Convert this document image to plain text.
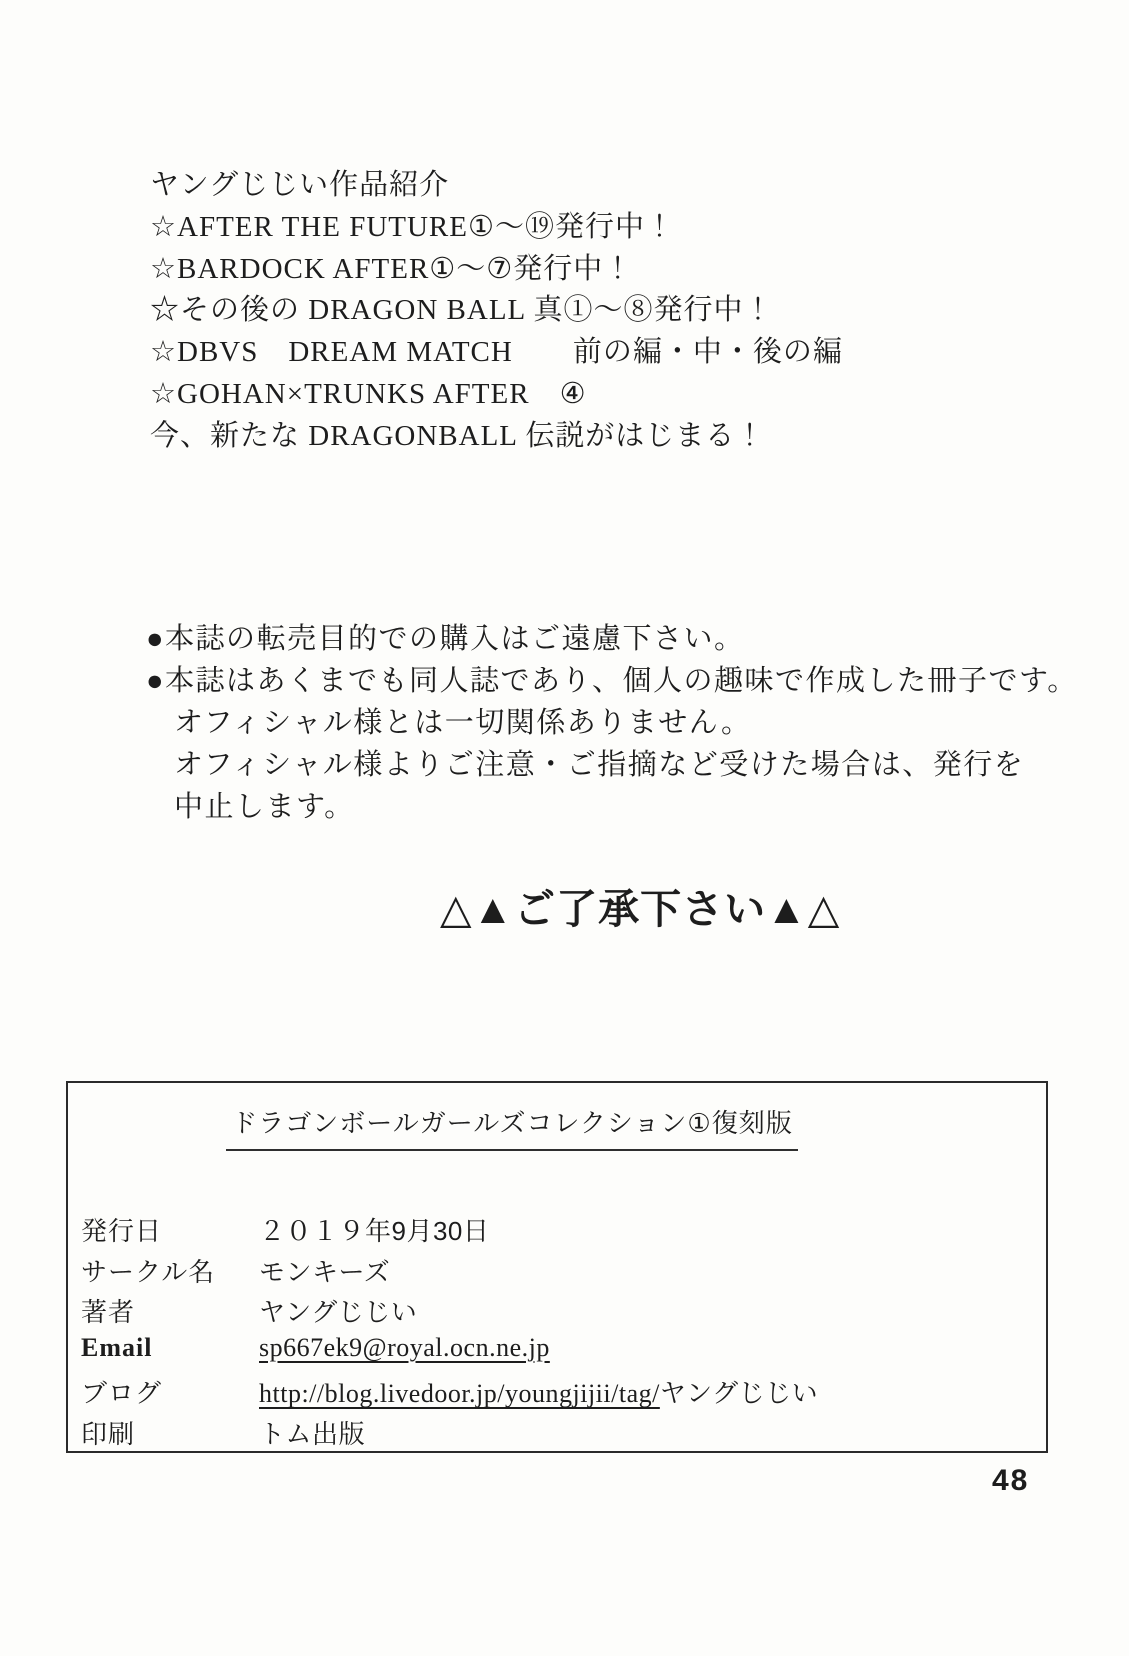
ヤングじじい作品紹介
☆AFTER THE FUTURE①～⑲発行中！
☆BARDOCK AFTER①～⑦発行中！
☆その後の DRAGON BALL 真①～⑧発行中！
☆DBVS　DREAM MATCH　　前の編・中・後の編
☆GOHAN×TRUNKS AFTER　④
今、新たな DRAGONBALL 伝説がはじまる！
●本誌の転売目的での購入はご遠慮下さい。
●本誌はあくまでも同人誌であり、個人の趣味で作成した冊子です。
オフィシャル様とは一切関係ありません。
オフィシャル様よりご注意・ご指摘など受けた場合は、発行を
中止します。
△▲ご了承下さい▲△
ドラゴンボールガールズコレクション①復刻版
発行日	２０１９年9月30日
サークル名	モンキーズ
著者	ヤングじじい
Email	sp667ek9@royal.ocn.ne.jp
ブログ	http://blog.livedoor.jp/youngjijii/tag/ヤングじじい
印刷	トム出版
48
